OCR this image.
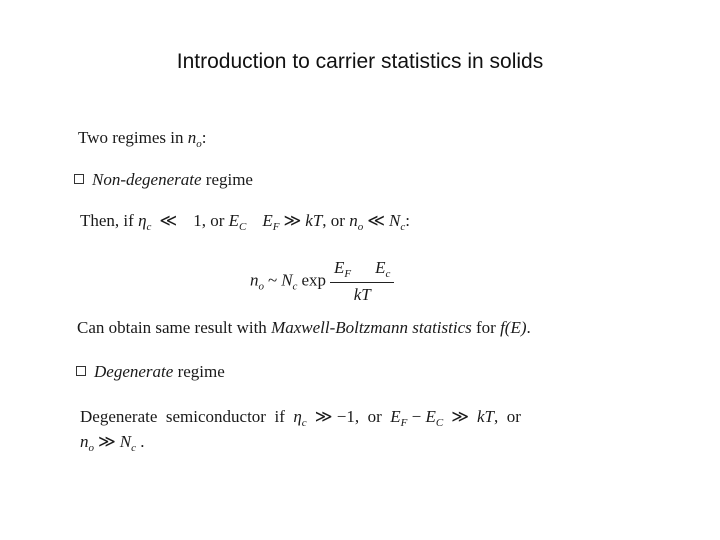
Introduction to carrier statistics in solids
Two regimes in $n_o$:
Non-degenerate regime
Then, if $\eta_c$ ≪ 1, or $E_C$ $E_F$ ≫ kT, or $n_o$ ≪ $N_c$:
$n_o$ ~ $N_c$ $\exp \frac{E_F E_c}{kT}$
Can obtain same result with Maxwell-Boltzmann statistics for f(E).
Degenerate regime
Degenerate  semiconductor  if  $\eta_c$ ≫ −1,  or  $E_F - E_C$ ≫ kT,  or
$n_o$ ≫ $N_c$ .
